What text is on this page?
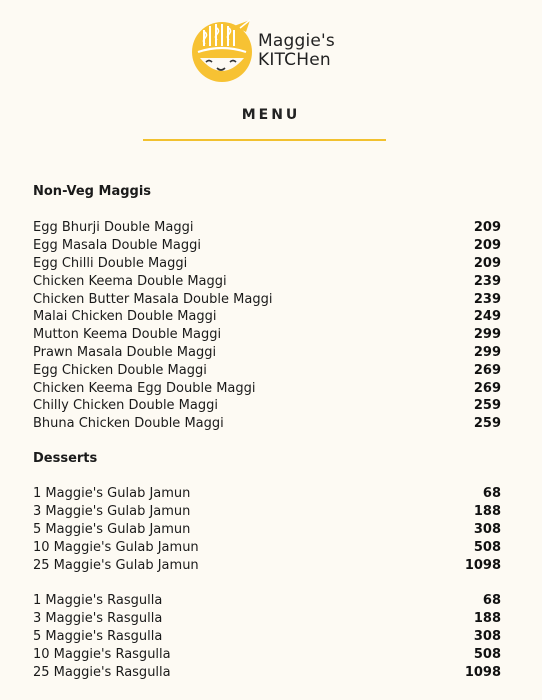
Maggie's
KITCHen
MENU
Non-Veg Maggis
Egg Bhurji Double Maggi	209
Egg Masala Double Maggi	209
Egg Chilli Double Maggi	209
Chicken Keema Double Maggi	239
Chicken Butter Masala Double Maggi	239
Malai Chicken Double Maggi	249
Mutton Keema Double Maggi	299
Prawn Masala Double Maggi	299
Egg Chicken Double Maggi	269
Chicken Keema Egg Double Maggi	269
Chilly Chicken Double Maggi	259
Bhuna Chicken Double Maggi	259
Desserts
1 Maggie's Gulab Jamun	68
3 Maggie's Gulab Jamun	188
5 Maggie's Gulab Jamun	308
10 Maggie's Gulab Jamun	508
25 Maggie's Gulab Jamun	1098
1 Maggie's Rasgulla	68
3 Maggie's Rasgulla	188
5 Maggie's Rasgulla	308
10 Maggie's Rasgulla	508
25 Maggie's Rasgulla	1098
